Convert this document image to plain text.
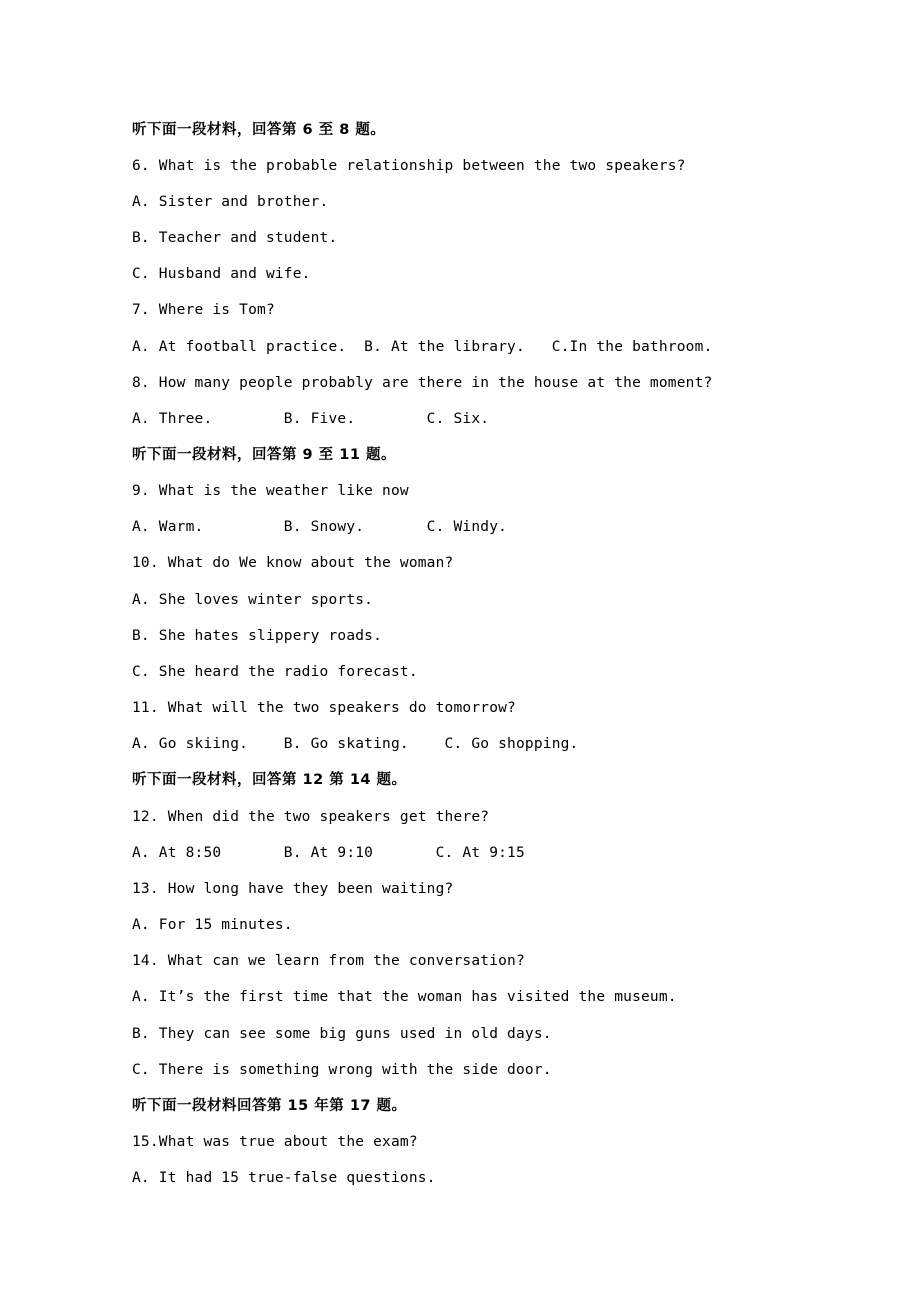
听下面一段材料，回答第 6 至 8 题。
6. What is the probable relationship between the two speakers?
A. Sister and brother.
B. Teacher and student.
C. Husband and wife.
7. Where is Tom?
A. At football practice.  B. At the library.   C.In the bathroom.
8. How many people probably are there in the house at the moment?
A. Three.        B. Five.        C. Six.
听下面一段材料，回答第 9 至 11 题。
9. What is the weather like now
A. Warm.         B. Snowy.       C. Windy.
10. What do We know about the woman?
A. She loves winter sports.
B. She hates slippery roads.
C. She heard the radio forecast.
11. What will the two speakers do tomorrow?
A. Go skiing.    B. Go skating.    C. Go shopping.
听下面一段材料，回答第 12 第 14 题。
12. When did the two speakers get there?
A. At 8:50       B. At 9:10       C. At 9:15
13. How long have they been waiting?
A. For 15 minutes.
14. What can we learn from the conversation?
A. It’s the first time that the woman has visited the museum.
B. They can see some big guns used in old days.
C. There is something wrong with the side door.
听下面一段材料回答第 15 年第 17 题。
15.What was true about the exam?
A. It had 15 true-false questions.
